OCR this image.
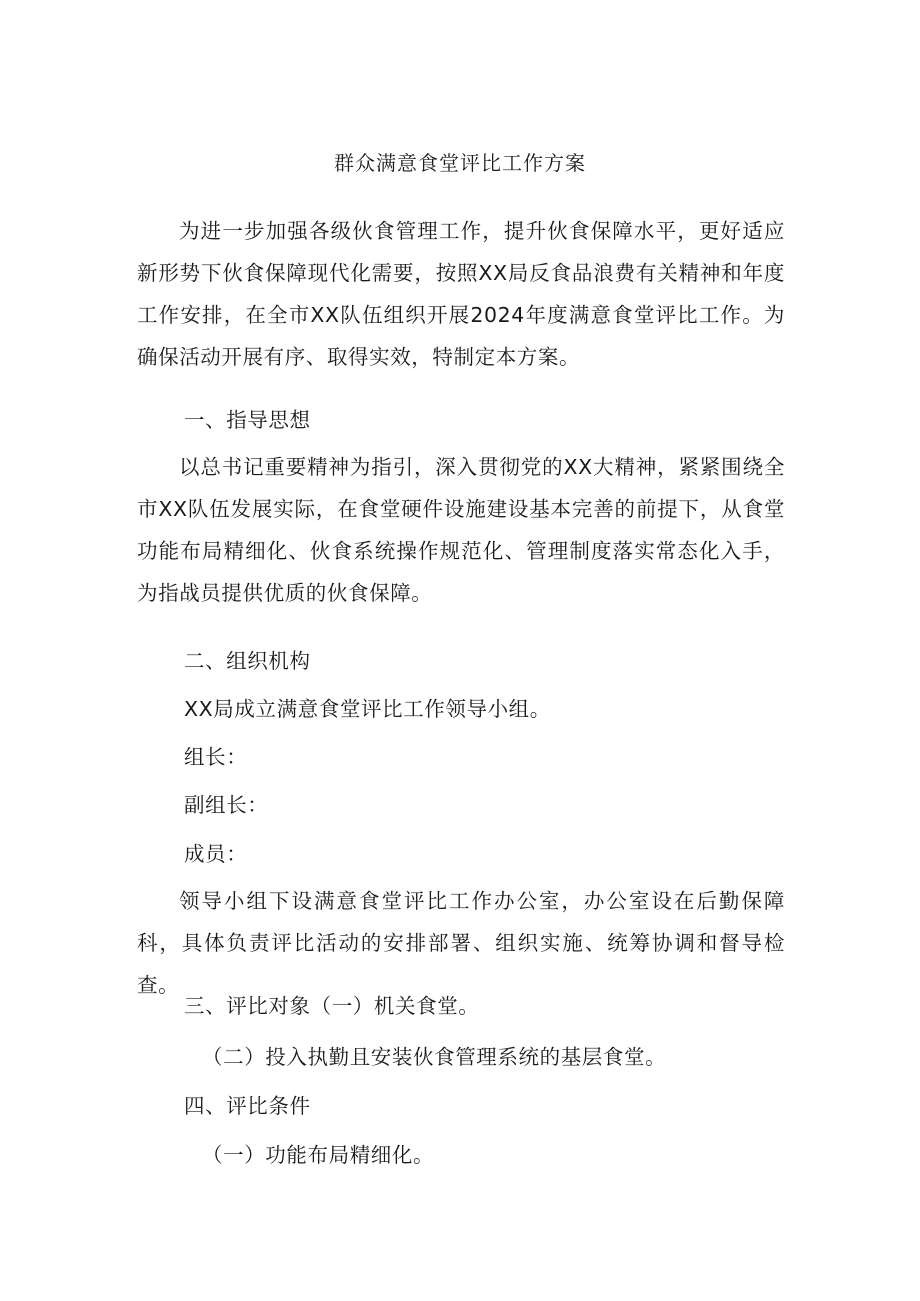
群众满意食堂评比工作方案

为进一步加强各级伙食管理工作，提升伙食保障水平，更好适应新形势下伙食保障现代化需要，按照XX局反食品浪费有关精神和年度工作安排，在全市XX队伍组织开展2024年度满意食堂评比工作。为确保活动开展有序、取得实效，特制定本方案。

一、指导思想

以总书记重要精神为指引，深入贯彻党的XX大精神，紧紧围绕全市XX队伍发展实际，在食堂硬件设施建设基本完善的前提下，从食堂功能布局精细化、伙食系统操作规范化、管理制度落实常态化入手，为指战员提供优质的伙食保障。

二、组织机构

XX局成立满意食堂评比工作领导小组。

组长：

副组长：

成员：

领导小组下设满意食堂评比工作办公室，办公室设在后勤保障科，具体负责评比活动的安排部署、组织实施、统筹协调和督导检查。

三、评比对象（一）机关食堂。

（二）投入执勤且安装伙食管理系统的基层食堂。

四、评比条件

（一）功能布局精细化。
